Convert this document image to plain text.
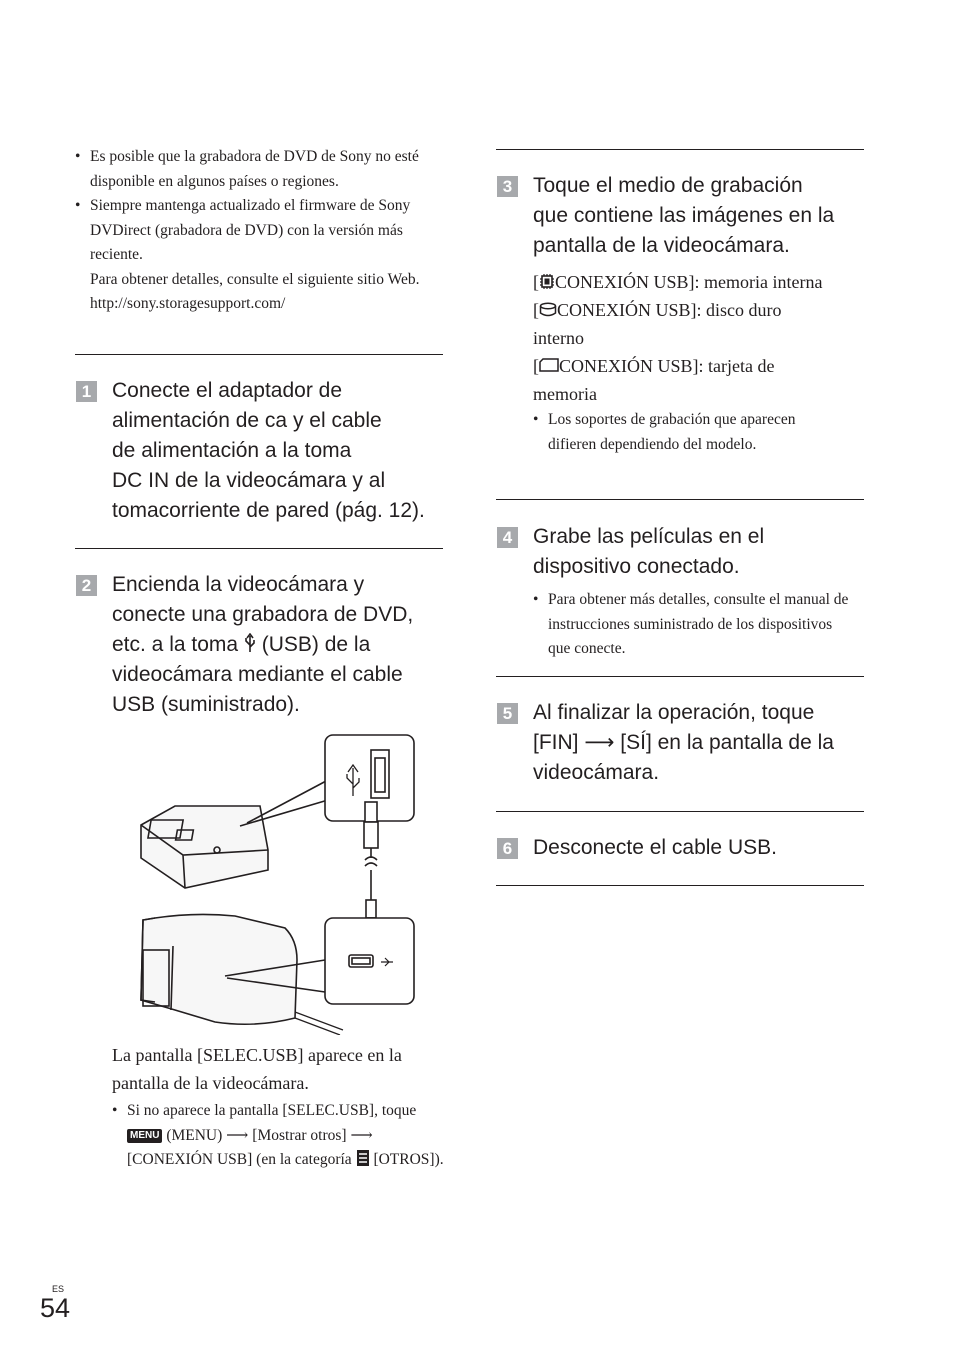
• Es posible que la grabadora de DVD de Sony no esté disponible en algunos países o regiones.
• Siempre mantenga actualizado el firmware de Sony DVDirect (grabadora de DVD) con la versión más reciente.
Para obtener detalles, consulte el siguiente sitio Web.
http://sony.storagesupport.com/
1 Conecte el adaptador de
alimentación de ca y el cable
de alimentación a la toma
DC IN de la videocámara y al
tomacorriente de pared (pág. 12).
2 Encienda la videocámara y
conecte una grabadora de DVD,
etc. a la toma  (USB) de la
videocámara mediante el cable
USB (suministrado).
La pantalla [SELEC.USB] aparece en la pantalla de la videocámara.
• Si no aparece la pantalla [SELEC.USB], toque MENU (MENU) ⟶ [Mostrar otros] ⟶ [CONEXIÓN USB] (en la categoría  [OTROS]).
3 Toque el medio de grabación
que contiene las imágenes en la
pantalla de la videocámara.
[ CONEXIÓN USB]: memoria interna
[ CONEXIÓN USB]: disco duro interno
[ CONEXIÓN USB]: tarjeta de memoria
• Los soportes de grabación que aparecen difieren dependiendo del modelo.
4 Grabe las películas en el
dispositivo conectado.
• Para obtener más detalles, consulte el manual de instrucciones suministrado de los dispositivos que conecte.
5 Al finalizar la operación, toque
[FIN] ⟶ [SÍ] en la pantalla de la
videocámara.
6 Desconecte el cable USB.
ES
54
